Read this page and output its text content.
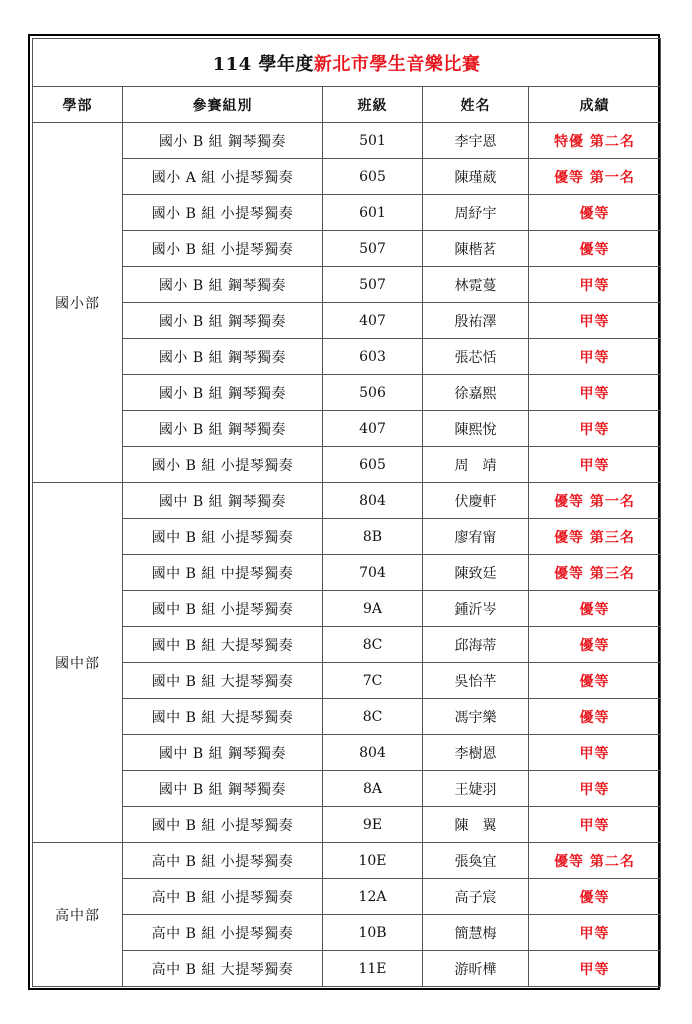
114 學年度新北市學生音樂比賽				
學部	參賽組別	班級	姓名	成績
國小部	國小 B 組 鋼琴獨奏	501	李宇恩	特優 第二名
	國小 A 組 小提琴獨奏	605	陳瑾葳	優等 第一名
	國小 B 組 小提琴獨奏	601	周紓宇	優等
	國小 B 組 小提琴獨奏	507	陳楷茗	優等
	國小 B 組 鋼琴獨奏	507	林霓蔓	甲等
	國小 B 組 鋼琴獨奏	407	殷祐澤	甲等
	國小 B 組 鋼琴獨奏	603	張芯恬	甲等
	國小 B 組 鋼琴獨奏	506	徐嘉熙	甲等
	國小 B 組 鋼琴獨奏	407	陳熙悅	甲等
	國小 B 組 小提琴獨奏	605	周　靖	甲等
國中部	國中 B 組 鋼琴獨奏	804	伏慶軒	優等 第一名
	國中 B 組 小提琴獨奏	8B	廖宥甯	優等 第三名
	國中 B 組 中提琴獨奏	704	陳致廷	優等 第三名
	國中 B 組 小提琴獨奏	9A	鍾沂岑	優等
	國中 B 組 大提琴獨奏	8C	邱海蒂	優等
	國中 B 組 大提琴獨奏	7C	吳怡芊	優等
	國中 B 組 大提琴獨奏	8C	馮宇樂	優等
	國中 B 組 鋼琴獨奏	804	李樹恩	甲等
	國中 B 組 鋼琴獨奏	8A	王婕羽	甲等
	國中 B 組 小提琴獨奏	9E	陳　翼	甲等
高中部	高中 B 組 小提琴獨奏	10E	張奐宜	優等 第二名
	高中 B 組 小提琴獨奏	12A	高子宸	優等
	高中 B 組 小提琴獨奏	10B	簡慧梅	甲等
	高中 B 組 大提琴獨奏	11E	游昕樺	甲等
